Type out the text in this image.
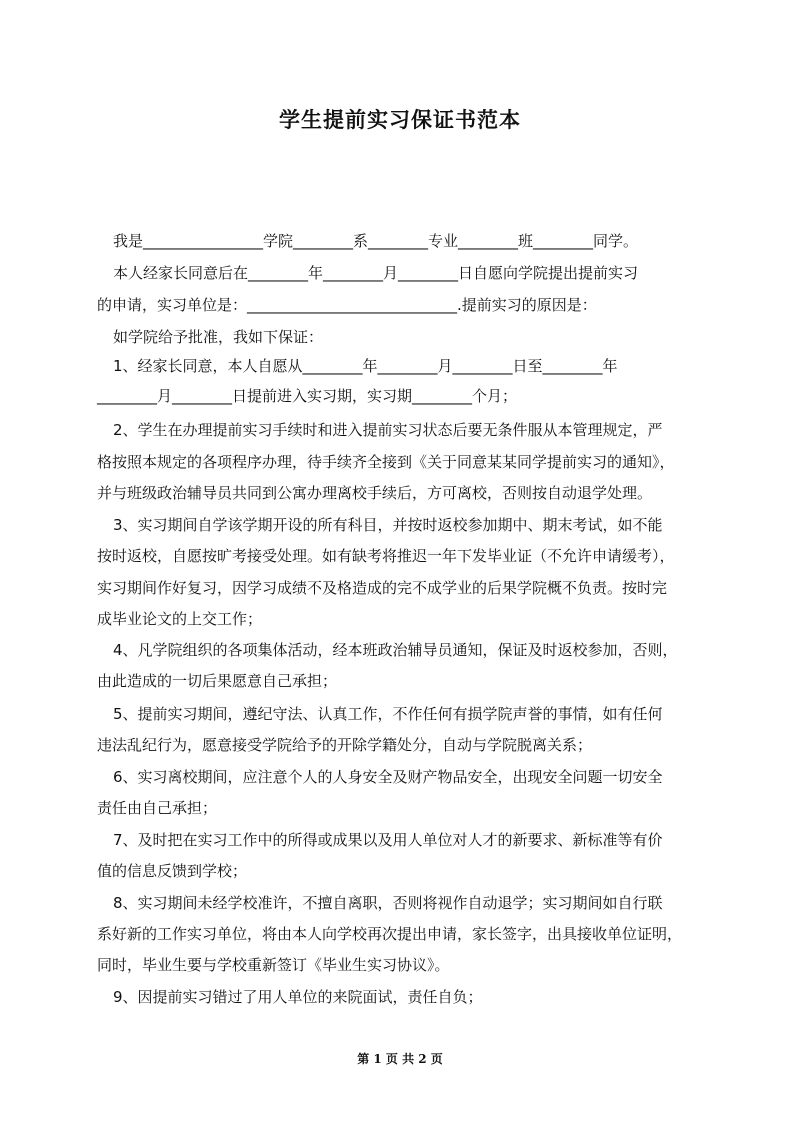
学生提前实习保证书范本

我是________________学院________系________专业________班________同学。

本人经家长同意后在________年________月________日自愿向学院提出提前实习

的申请，实习单位是：____________________________.提前实习的原因是：

如学院给予批准，我如下保证：

1、经家长同意，本人自愿从________年________月________日至________年

________月________日提前进入实习期，实习期________个月；

2、学生在办理提前实习手续时和进入提前实习状态后要无条件服从本管理规定，严

格按照本规定的各项程序办理，待手续齐全接到《关于同意某某同学提前实习的通知》，

并与班级政治辅导员共同到公寓办理离校手续后，方可离校，否则按自动退学处理。

3、实习期间自学该学期开设的所有科目，并按时返校参加期中、期末考试，如不能

按时返校，自愿按旷考接受处理。如有缺考将推迟一年下发毕业证（不允许申请缓考），

实习期间作好复习，因学习成绩不及格造成的完不成学业的后果学院概不负责。按时完

成毕业论文的上交工作；

4、凡学院组织的各项集体活动，经本班政治辅导员通知，保证及时返校参加，否则，

由此造成的一切后果愿意自己承担；

5、提前实习期间，遵纪守法、认真工作，不作任何有损学院声誉的事情，如有任何

违法乱纪行为，愿意接受学院给予的开除学籍处分，自动与学院脱离关系；

6、实习离校期间，应注意个人的人身安全及财产物品安全，出现安全问题一切安全

责任由自己承担；

7、及时把在实习工作中的所得或成果以及用人单位对人才的新要求、新标准等有价

值的信息反馈到学校；

8、实习期间未经学校准许，不擅自离职，否则将视作自动退学；实习期间如自行联

系好新的工作实习单位，将由本人向学校再次提出申请，家长签字，出具接收单位证明，

同时，毕业生要与学校重新签订《毕业生实习协议》。

9、因提前实习错过了用人单位的来院面试，责任自负；

第 1 页 共 2 页
